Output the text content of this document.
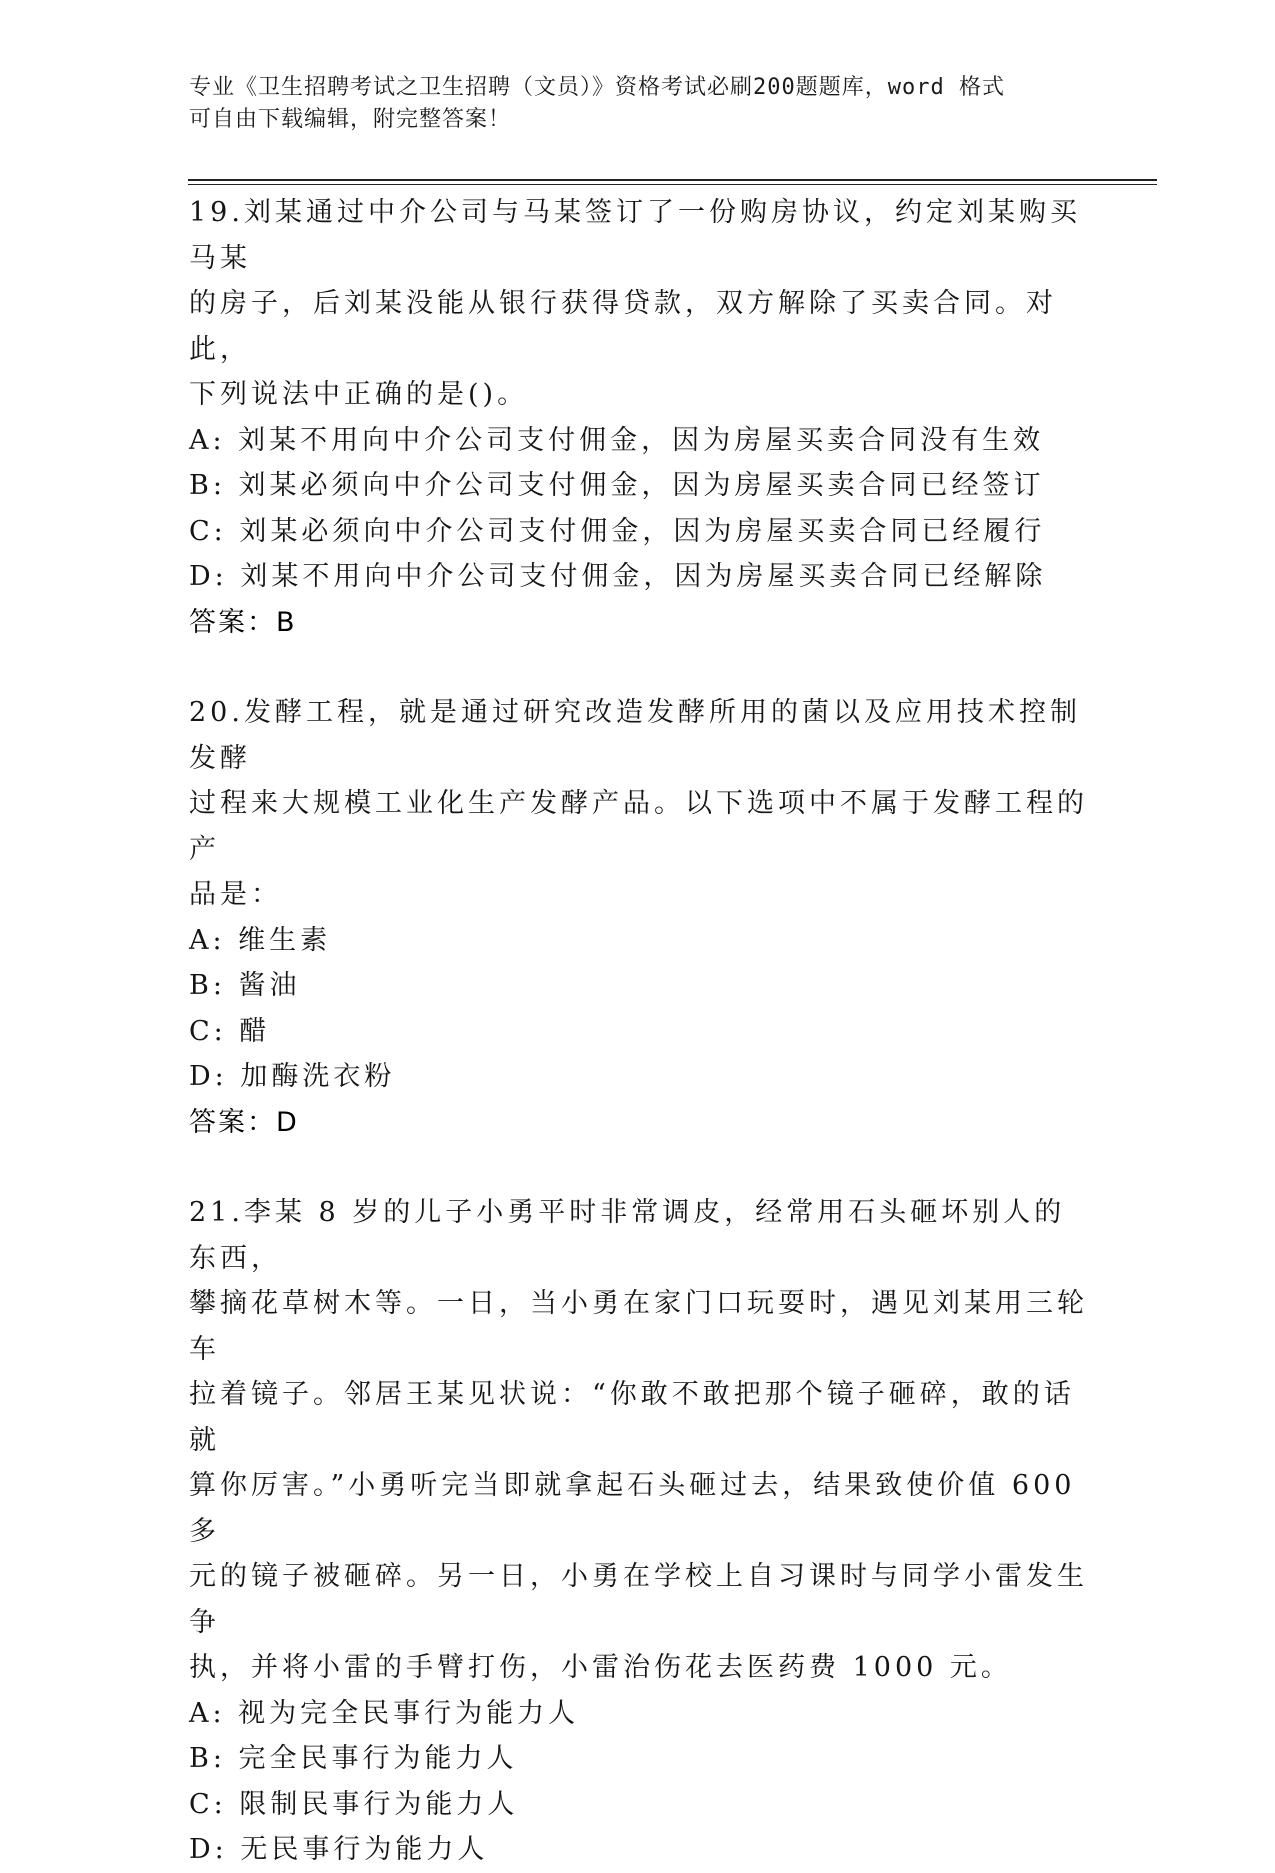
专业《卫生招聘考试之卫生招聘（文员）》资格考试必刷200题题库，word 格式
可自由下载编辑，附完整答案！

19.刘某通过中介公司与马某签订了一份购房协议，约定刘某购买马某

的房子，后刘某没能从银行获得贷款，双方解除了买卖合同。对此，

下列说法中正确的是()。

A: 刘某不用向中介公司支付佣金，因为房屋买卖合同没有生效

B: 刘某必须向中介公司支付佣金，因为房屋买卖合同已经签订

C: 刘某必须向中介公司支付佣金，因为房屋买卖合同已经履行

D: 刘某不用向中介公司支付佣金，因为房屋买卖合同已经解除

答案：B

20.发酵工程，就是通过研究改造发酵所用的菌以及应用技术控制发酵

过程来大规模工业化生产发酵产品。以下选项中不属于发酵工程的产

品是：

A: 维生素

B: 酱油

C: 醋

D: 加酶洗衣粉

答案：D

21.李某 8 岁的儿子小勇平时非常调皮，经常用石头砸坏别人的东西，

攀摘花草树木等。一日，当小勇在家门口玩耍时，遇见刘某用三轮车

拉着镜子。邻居王某见状说：“你敢不敢把那个镜子砸碎，敢的话就

算你厉害。”小勇听完当即就拿起石头砸过去，结果致使价值 600 多

元的镜子被砸碎。另一日，小勇在学校上自习课时与同学小雷发生争

执，并将小雷的手臂打伤，小雷治伤花去医药费 1000 元。

A: 视为完全民事行为能力人

B: 完全民事行为能力人

C: 限制民事行为能力人

D: 无民事行为能力人
